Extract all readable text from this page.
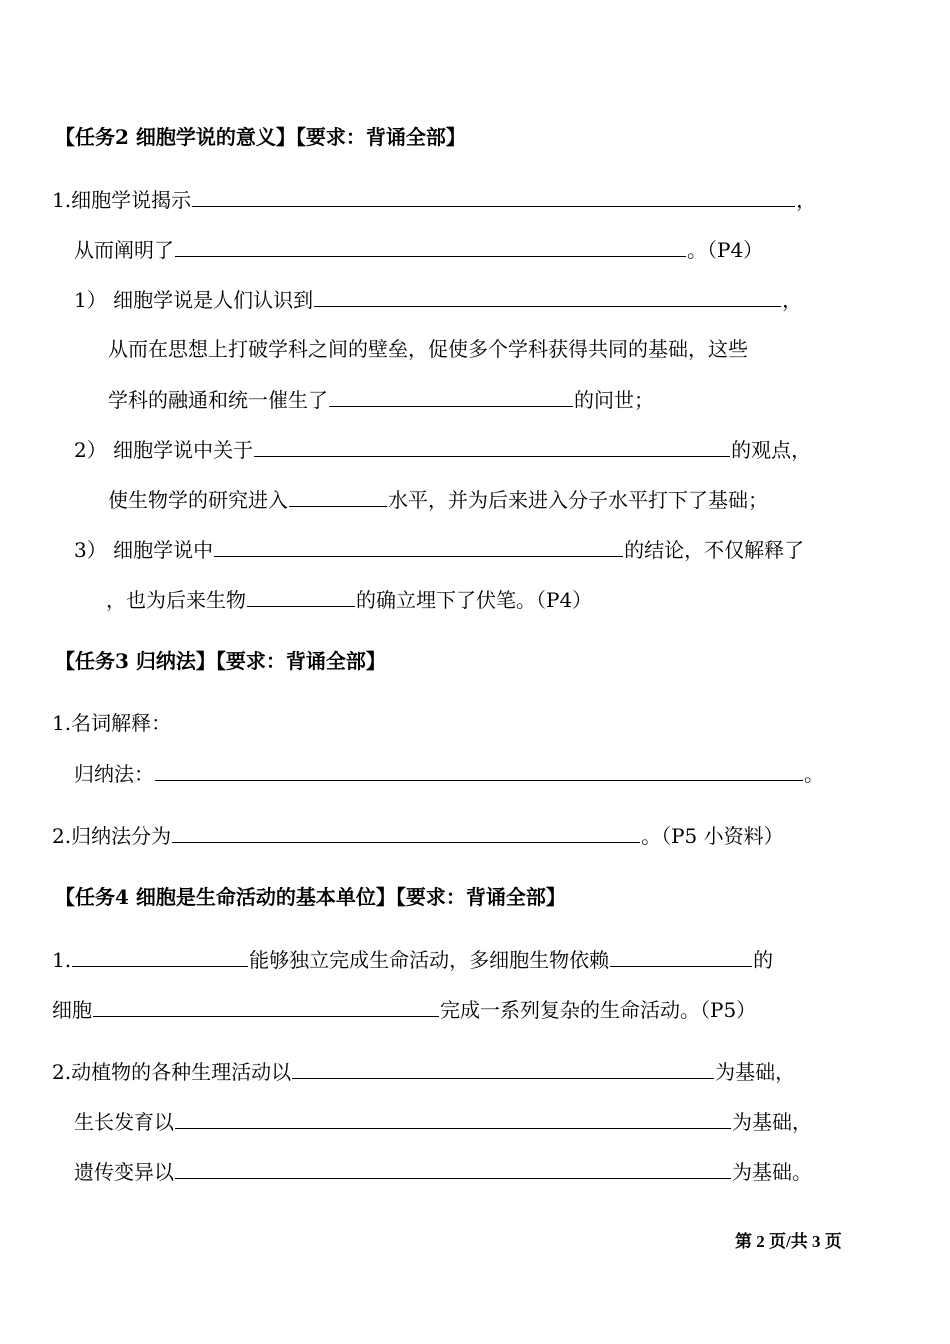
【任务2 细胞学说的意义】【要求：背诵全部】
1.细胞学说揭示	，
从而阐明了	。（P4）
1） 细胞学说是人们认识到	，
从而在思想上打破学科之间的壁垒，促使多个学科获得共同的基础，这些
学科的融通和统一催生了	的问世；
2） 细胞学说中关于	的观点，
使生物学的研究进入	水平，并为后来进入分子水平打下了基础；
3） 细胞学说中	的结论，不仅解释了
，也为后来生物	的确立埋下了伏笔。（P4）
【任务3 归纳法】【要求：背诵全部】
1.名词解释：
归纳法：	。
2.归纳法分为	。（P5 小资料）
【任务4 细胞是生命活动的基本单位】【要求：背诵全部】
1.	能够独立完成生命活动，多细胞生物依赖	的
细胞	完成一系列复杂的生命活动。（P5）
2.动植物的各种生理活动以	为基础，
生长发育以	为基础，
遗传变异以	为基础。
第 2 页/共 3 页
